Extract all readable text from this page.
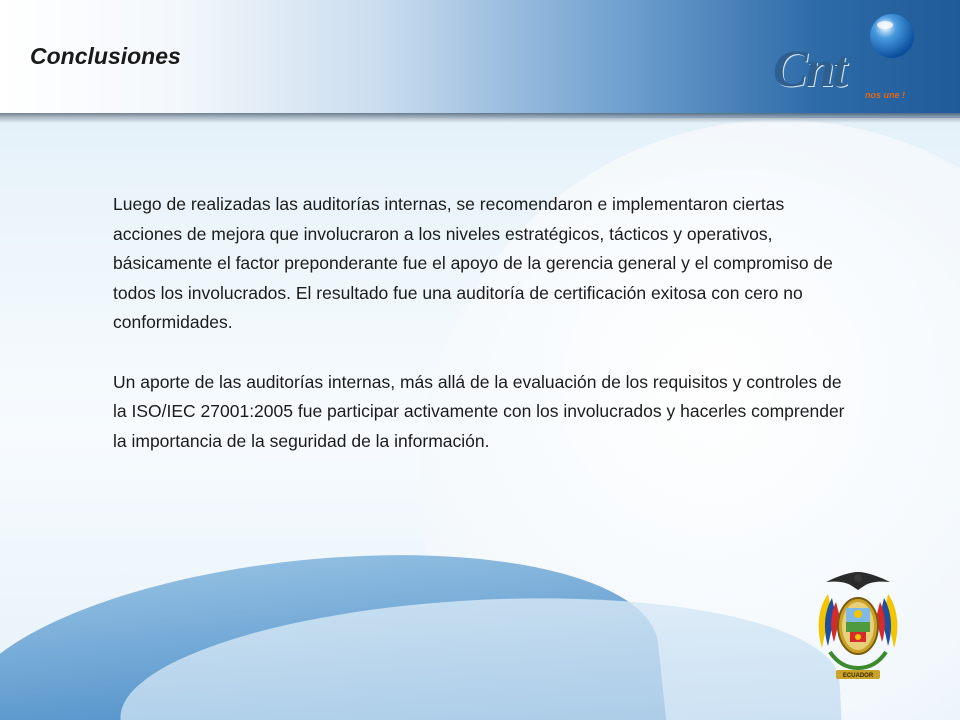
Conclusiones	Cnt nos une !

Luego de realizadas las auditorías internas, se recomendaron e implementaron ciertas acciones de mejora que involucraron a los niveles estratégicos, tácticos y operativos, básicamente el factor preponderante fue el apoyo de la gerencia general y el compromiso de todos los involucrados. El resultado fue una auditoría de certificación exitosa con cero no conformidades.

Un aporte de las auditorías internas, más allá de la evaluación de los requisitos y controles de la ISO/IEC 27001:2005 fue participar activamente con los involucrados y hacerles comprender la importancia de la seguridad de la información.

ECUADOR
